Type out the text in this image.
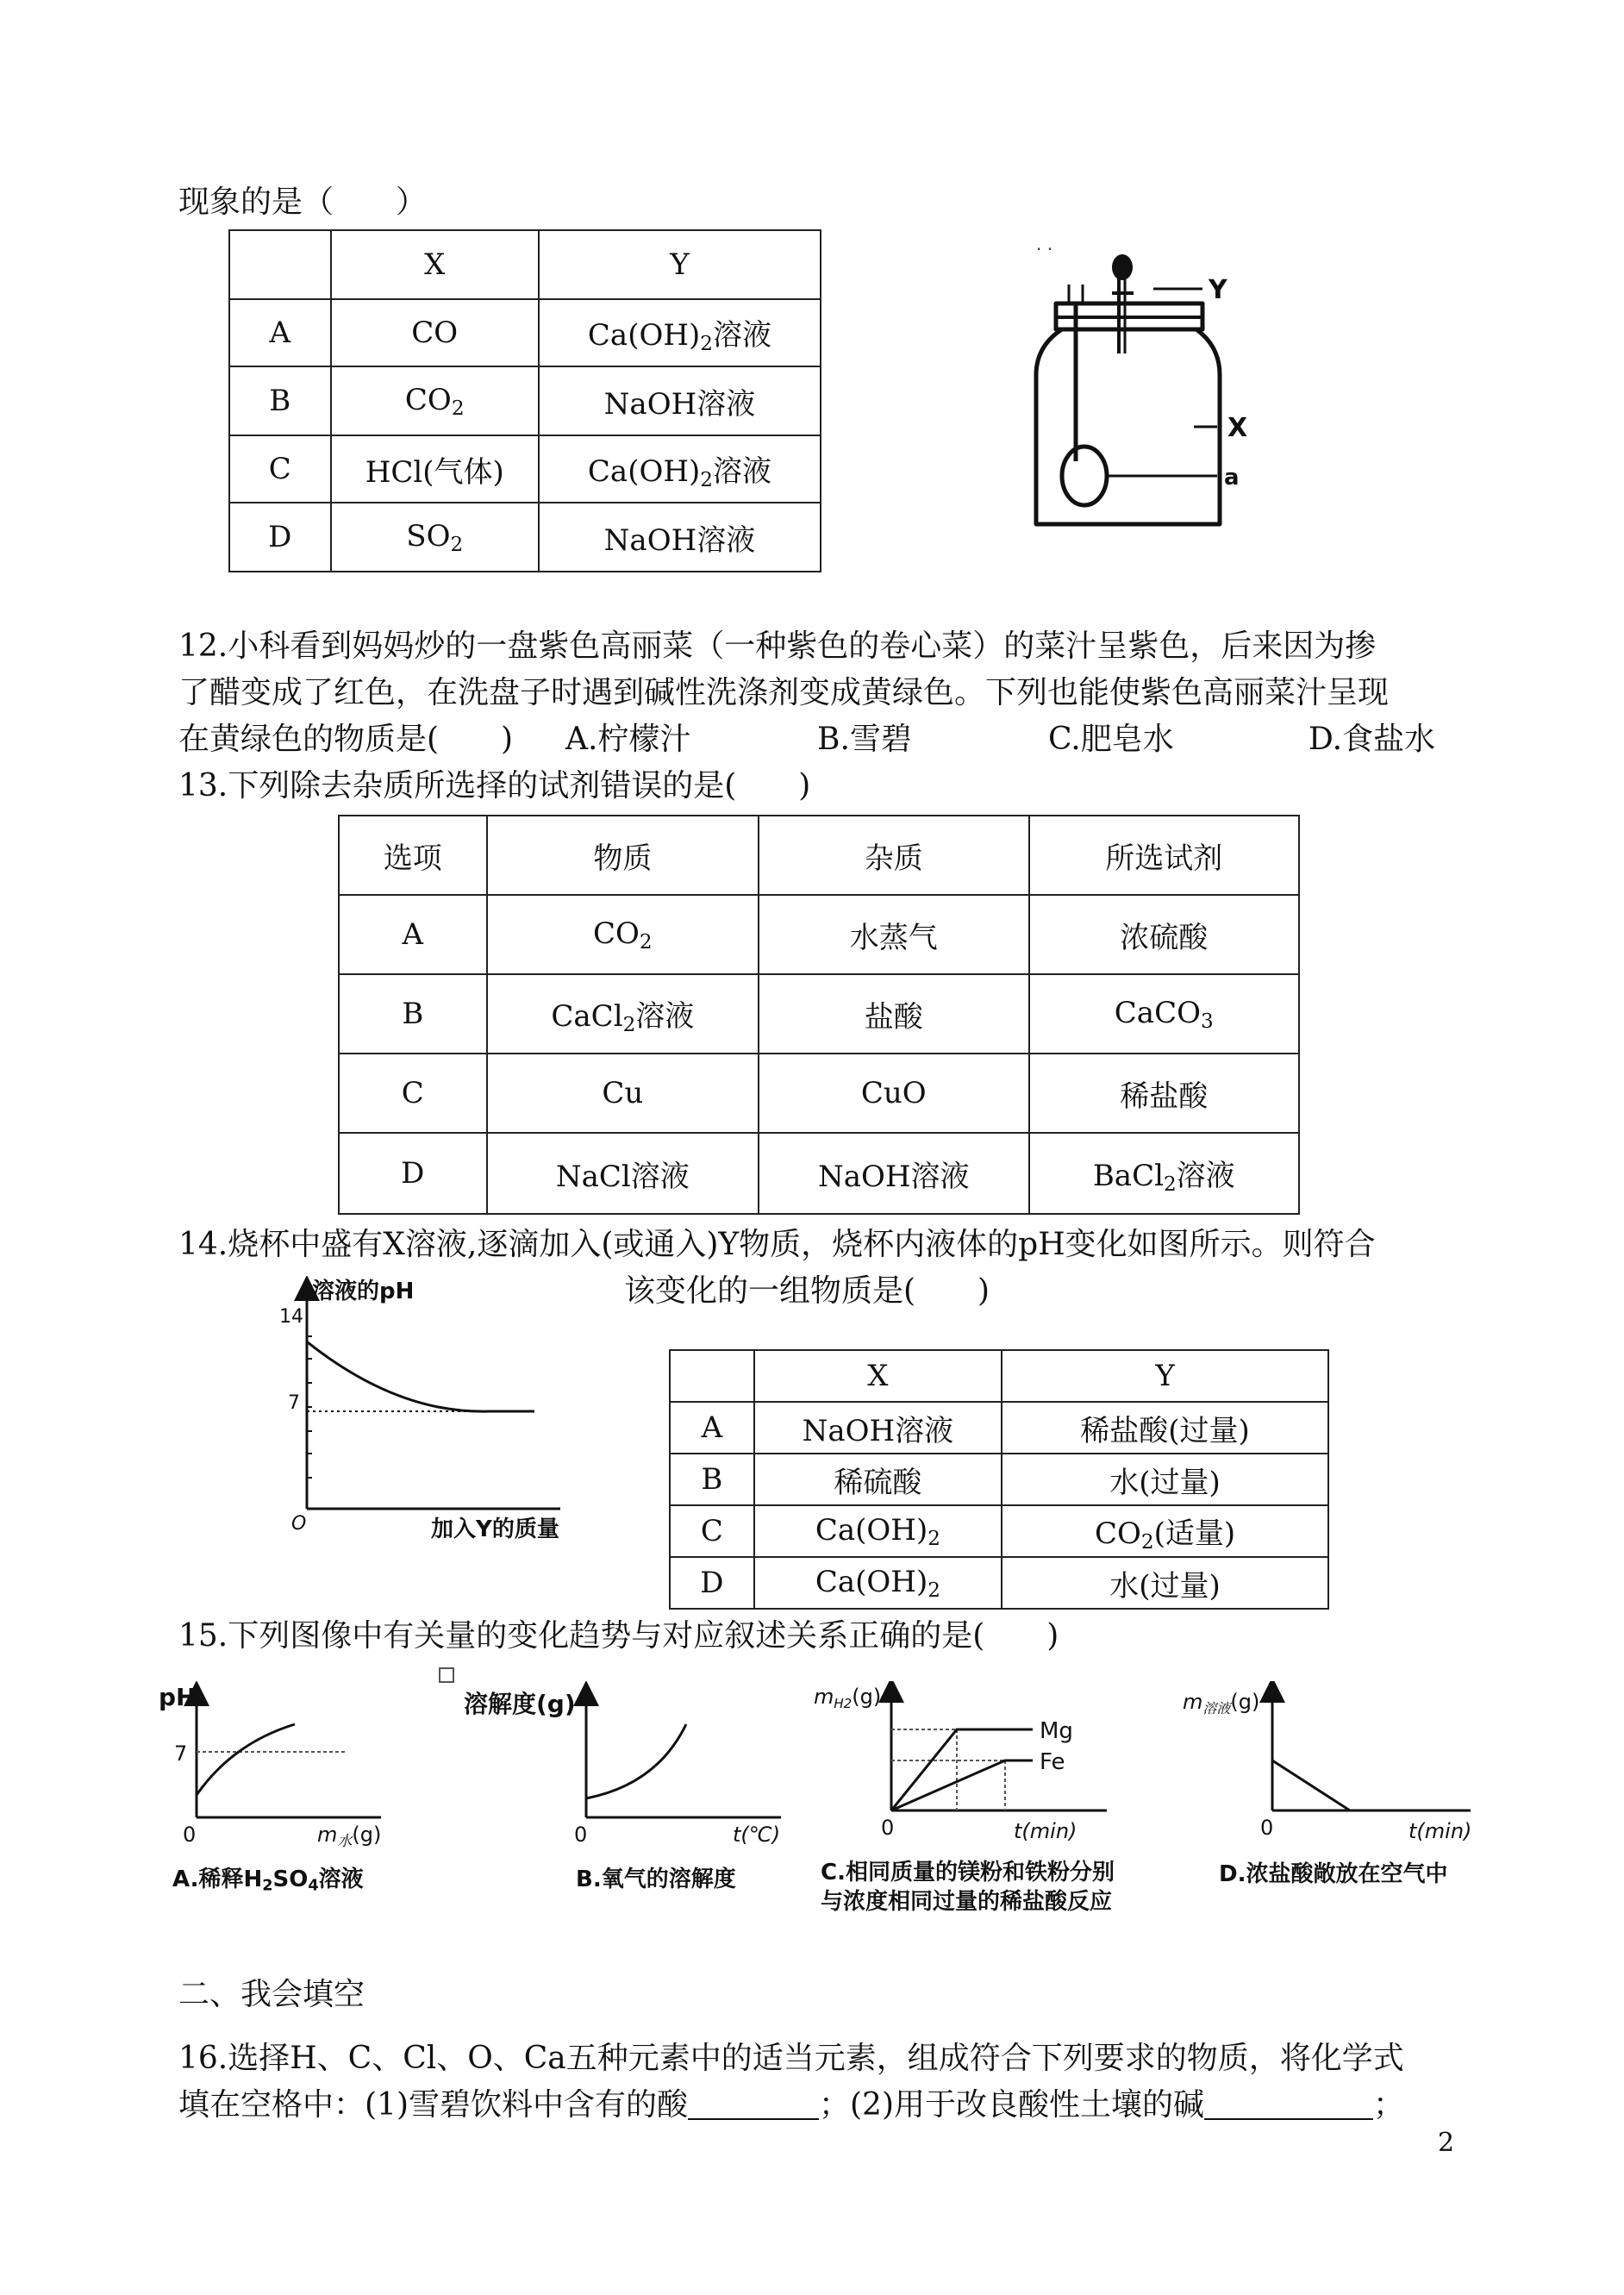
现象的是（　　）
	X	Y
A	CO	$Ca(OH)_2$溶液
B	$CO_2$	NaOH溶液
C	HCl(气体)	$Ca(OH)_2$溶液
D	$SO_2$	NaOH溶液
. .
Y
X
a
12.小科看到妈妈炒的一盘紫色高丽菜（一种紫色的卷心菜）的菜汁呈紫色，后来因为掺
了醋变成了红色，在洗盘子时遇到碱性洗涤剂变成黄绿色。下列也能使紫色高丽菜汁呈现
在黄绿色的物质是(　　) A.柠檬汁	B.雪碧	C.肥皂水	D.食盐水
13.下列除去杂质所选择的试剂错误的是(　　)
选项	物质	杂质	所选试剂
A	$CO_2$	水蒸气	浓硫酸
B	CaCl$_2$溶液	盐酸	CaCO$_3$
C	Cu	CuO	稀盐酸
D	NaCl溶液	NaOH溶液	BaCl$_2$溶液
14.烧杯中盛有X溶液,逐滴加入(或通入)Y物质，烧杯内液体的pH变化如图所示。则符合
该变化的一组物质是(　　)
溶液的pH
14
7
O	加入Y的质量
	X	Y
A	NaOH溶液	稀盐酸(过量)
B	稀硫酸	水(过量)
C	$Ca(OH)_2$	$CO_2$(适量)
D	$Ca(OH)_2$	水(过量)
15.下列图像中有关量的变化趋势与对应叙述关系正确的是(　　)
pH
7
0	$m_水(g)$
A.稀释$H_2SO_4$溶液
溶解度(g)
0	t(℃)
B.氧气的溶解度
Mg
Fe
$m_{H2}(g)$
0	t(min)
C.相同质量的镁粉和铁粉分别
与浓度相同过量的稀盐酸反应
$m_{溶液}(g)$
0	t(min)
D.浓盐酸敞放在空气中
二、我会填空
16.选择H、C、Cl、O、Ca五种元素中的适当元素，组成符合下列要求的物质，将化学式
填在空格中：(1)雪碧饮料中含有的酸	；(2)用于改良酸性土壤的碱	；
2
